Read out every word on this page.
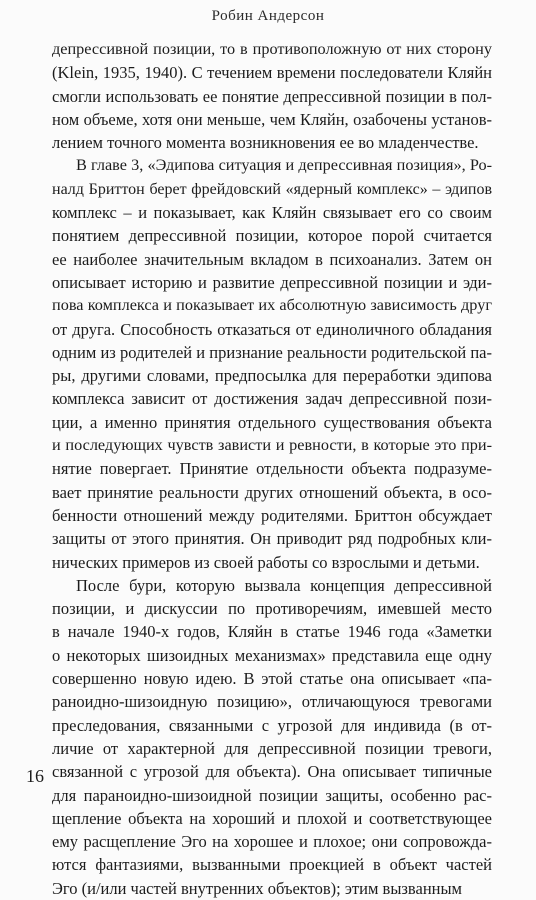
Робин Андерсон
депрессивной позиции, то в противоположную от них сторону
(Klein, 1935, 1940). С течением времени последователи Кляйн
смогли использовать ее понятие депрессивной позиции в пол-
ном объеме, хотя они меньше, чем Кляйн, озабочены установ-
лением точного момента возникновения ее во младенчестве.
В главе 3, «Эдипова ситуация и депрессивная позиция», Ро-
налд Бриттон берет фрейдовский «ядерный комплекс» – эдипов
комплекс – и показывает, как Кляйн связывает его со своим
понятием депрессивной позиции, которое порой считается
ее наиболее значительным вкладом в психоанализ. Затем он
описывает историю и развитие депрессивной позиции и эди-
пова комплекса и показывает их абсолютную зависимость друг
от друга. Способность отказаться от единоличного обладания
одним из родителей и признание реальности родительской па-
ры, другими словами, предпосылка для переработки эдипова
комплекса зависит от достижения задач депрессивной пози-
ции, а именно принятия отдельного существования объекта
и последующих чувств зависти и ревности, в которые это при-
нятие повергает. Принятие отдельности объекта подразуме-
вает принятие реальности других отношений объекта, в осо-
бенности отношений между родителями. Бриттон обсуждает
защиты от этого принятия. Он приводит ряд подробных кли-
нических примеров из своей работы со взрослыми и детьми.
После бури, которую вызвала концепция депрессивной
позиции, и дискуссии по противоречиям, имевшей место
в начале 1940-х годов, Кляйн в статье 1946 года «Заметки
о некоторых шизоидных механизмах» представила еще одну
совершенно новую идею. В этой статье она описывает «па-
раноидно-шизоидную позицию», отличающуюся тревогами
преследования, связанными с угрозой для индивида (в от-
личие от характерной для депрессивной позиции тревоги,
связанной с угрозой для объекта). Она описывает типичные
для параноидно-шизоидной позиции защиты, особенно рас-
щепление объекта на хороший и плохой и соответствующее
ему расщепление Эго на хорошее и плохое; они сопровожда-
ются фантазиями, вызванными проекцией в объект частей
Эго (и/или частей внутренних объектов); этим вызванным
16
